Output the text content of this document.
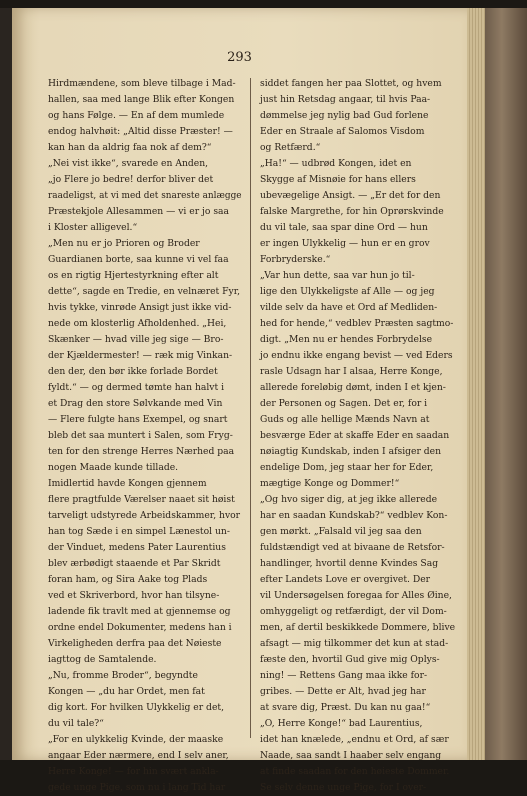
293
Hirdmændene, som bleve tilbage i Mad-
hallen, saa med lange Blik efter Kongen
og hans Følge. — En af dem mumlede
endog halvhøit: „Altid disse Præster! —
kan han da aldrig faa nok af dem?“
„Nei vist ikke“, svarede en Anden,
„jo Flere jo bedre! derfor bliver det
raadeligst, at vi med det snareste anlægge
Præstekjole Allesammen — vi er jo saa
i Kloster alligevel.“
„Men nu er jo Prioren og Broder
Guardianen borte, saa kunne vi vel faa
os en rigtig Hjertestyrkning efter alt
dette“, sagde en Tredie, en velnæret Fyr,
hvis tykke, vinrøde Ansigt just ikke vid-
nede om klosterlig Afholdenhed. „Hei,
Skænker — hvad ville jeg sige — Bro-
der Kjældermester! — ræk mig Vinkan-
den der, den bør ikke forlade Bordet
fyldt.“ — og dermed tømte han halvt i
et Drag den store Sølvkande med Vin
— Flere fulgte hans Exempel, og snart
bleb det saa muntert i Salen, som Fryg-
ten for den strenge Herres Nærhed paa
nogen Maade kunde tillade.
Imidlertid havde Kongen gjennem
flere pragtfulde Værelser naaet sit høist
tarveligt udstyrede Arbeidskammer, hvor
han tog Sæde i en simpel Lænestol un-
der Vinduet, medens Pater Laurentius
blev ærbødigt staaende et Par Skridt
foran ham, og Sira Aake tog Plads
ved et Skriverbord, hvor han tilsyne-
ladende fik travlt med at gjennemse og
ordne endel Dokumenter, medens han i
Virkeligheden derfra paa det Nøieste
iagttog de Samtalende.
„Nu, fromme Broder“, begyndte
Kongen — „du har Ordet, men fat
dig kort. For hvilken Ulykkelig er det,
du vil tale?“
„For en ulykkelig Kvinde, der maaske
angaar Eder nærmere, end I selv aner,
Herre Konge! — for hin svært ankla-
gede unge Pige, som nu i lang Tid har
siddet fangen her paa Slottet, og hvem
just hin Retsdag angaar, til hvis Paa-
dømmelse jeg nylig bad Gud forlene
Eder en Straale af Salomos Visdom
og Retfærd.“
„Ha!“ — udbrød Kongen, idet en
Skygge af Misnøie for hans ellers
ubevægelige Ansigt. — „Er det for den
falske Margrethe, for hin Oprørskvinde
du vil tale, saa spar dine Ord — hun
er ingen Ulykkelig — hun er en grov
Forbryderske.“
„Var hun dette, saa var hun jo til-
lige den Ulykkeligste af Alle — og jeg
vilde selv da have et Ord af Medliden-
hed for hende,“ vedblev Præsten sagtmo-
digt. „Men nu er hendes Forbrydelse
jo endnu ikke engang bevist — ved Eders
rasle Udsagn har I alsaa, Herre Konge,
allerede foreløbig dømt, inden I et kjen-
der Personen og Sagen. Det er, for i
Guds og alle hellige Mænds Navn at
besværge Eder at skaffe Eder en saadan
nøiagtig Kundskab, inden I afsiger den
endelige Dom, jeg staar her for Eder,
mægtige Konge og Dommer!“
„Og hvo siger dig, at jeg ikke allerede
har en saadan Kundskab?“ vedblev Kon-
gen mørkt. „Falsald vil jeg saa den
fuldstændigt ved at bivaane de Retsfor-
handlinger, hvortil denne Kvindes Sag
efter Landets Love er overgivet. Der
vil Undersøgelsen foregaa for Alles Øine,
omhyggeligt og retfærdigt, der vil Dom-
men, af dertil beskikkede Dommere, blive
afsagt — mig tilkommer det kun at stad-
fæste den, hvortil Gud give mig Oplys-
ning! — Rettens Gang maa ikke for-
gribes. — Dette er Alt, hvad jeg har
at svare dig, Præst. Du kan nu gaa!“
„O, Herre Konge!“ bad Laurentius,
idet han knælede, „endnu et Ord, af sær
Naade, saa sandt I haaber selv engang
at finde saadan for den høieste Dommer.
Se selv denne unge Pige, for I over-
